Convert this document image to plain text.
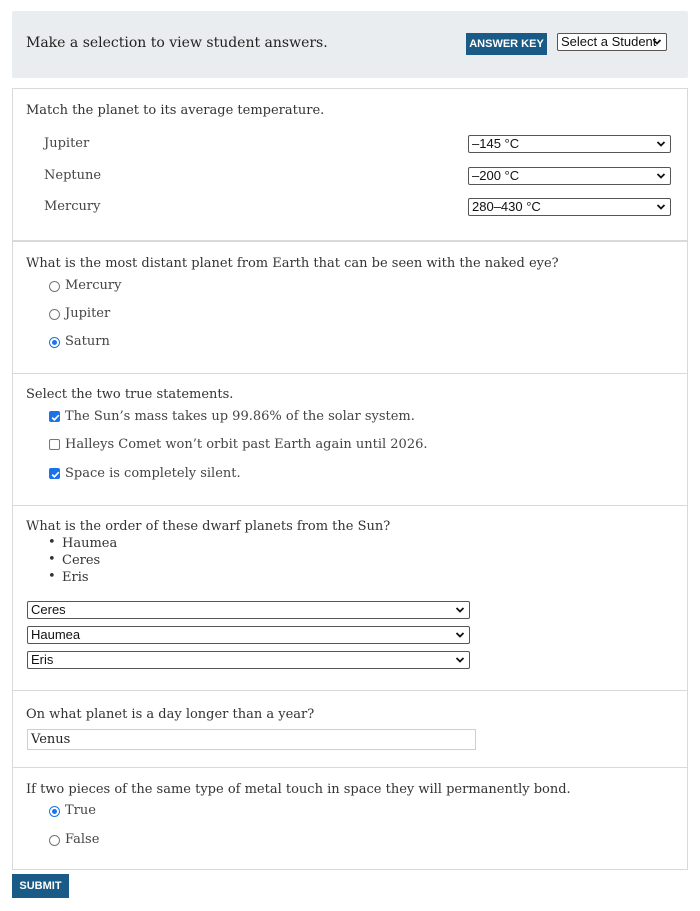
Make a selection to view student answers.	ANSWER KEY Select a Student
Match the planet to its average temperature.
Jupiter	–145 °C
Neptune	–200 °C
Mercury	280–430 °C
What is the most distant planet from Earth that can be seen with the naked eye?
Mercury
Jupiter
Saturn
Select the two true statements.
The Sun’s mass takes up 99.86% of the solar system.
Halleys Comet won’t orbit past Earth again until 2026.
Space is completely silent.
What is the order of these dwarf planets from the Sun?
• Haumea
• Ceres
• Eris
Ceres
Haumea
Eris
On what planet is a day longer than a year?
Venus
If two pieces of the same type of metal touch in space they will permanently bond.
True
False
SUBMIT
